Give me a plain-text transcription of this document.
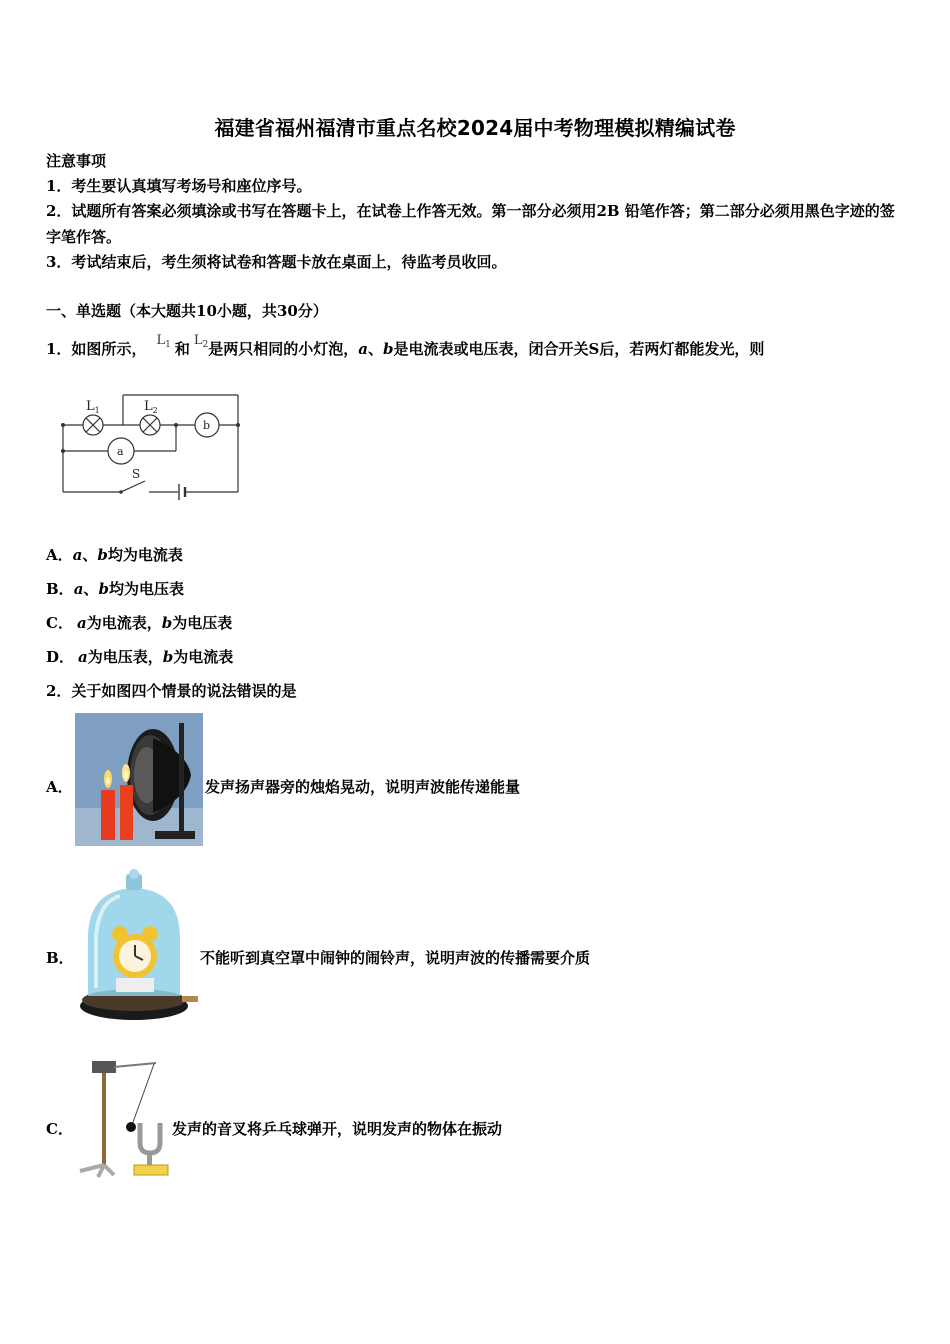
福建省福州福清市重点名校2024届中考物理模拟精编试卷
注意事项
1．考生要认真填写考场号和座位序号。
2．试题所有答案必须填涂或书写在答题卡上，在试卷上作答无效。第一部分必须用2B 铅笔作答；第二部分必须用黑色字迹的签字笔作答。
3．考试结束后，考生须将试卷和答题卡放在桌面上，待监考员收回。
一、单选题（本大题共10小题，共30分）
1．如图所示， $L_1$ 和 $L_2$是两只相同的小灯泡，a、b是电流表或电压表，闭合开关S后，若两灯都能发光，则
$L_1$	$L_2$
a
b
S
A．a、b均为电流表
B．a、b均为电压表
C． a为电流表，b为电压表
D． a为电压表，b为电流表
2．关于如图四个情景的说法错误的是
A．	发声扬声器旁的烛焰晃动，说明声波能传递能量
B．	不能听到真空罩中闹钟的闹铃声，说明声波的传播需要介质
C．	发声的音叉将乒乓球弹开，说明发声的物体在振动
